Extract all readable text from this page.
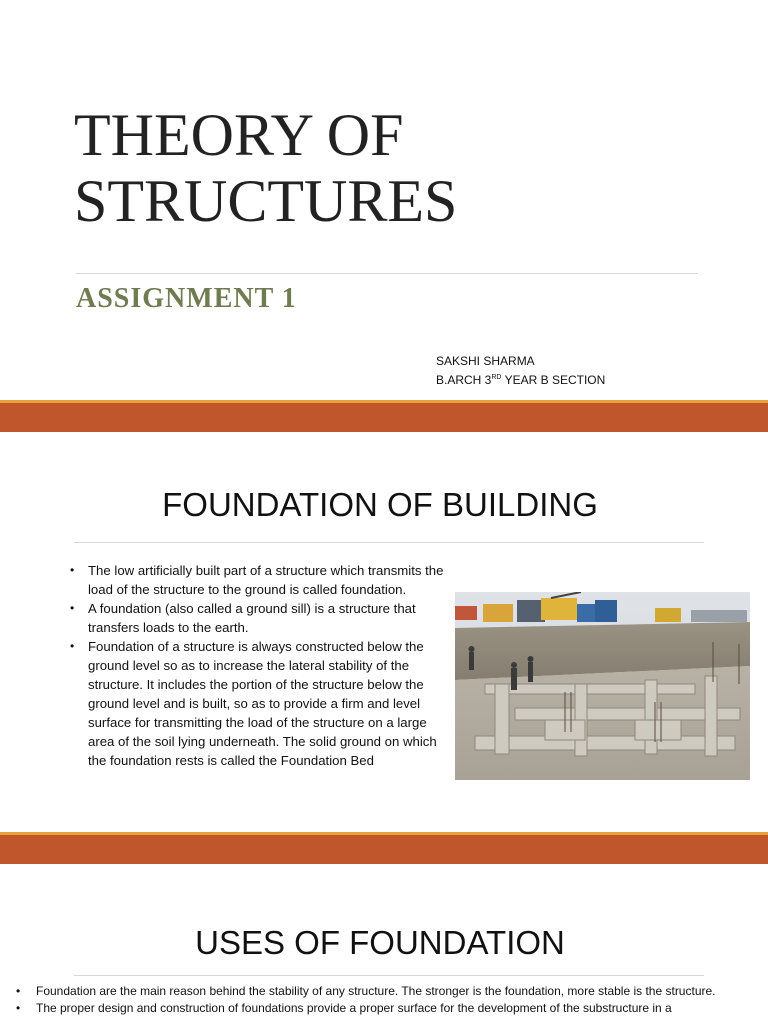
THEORY OF
STRUCTURES
ASSIGNMENT 1
SAKSHI SHARMA
B.ARCH 3RD YEAR B SECTION
FOUNDATION OF BUILDING
• The low artificially built part of a structure which transmits the load of the structure to the ground is called foundation.
• A foundation (also called a ground sill) is a structure that transfers loads to the earth.
• Foundation of a structure is always constructed below the ground level so as to increase the lateral stability of the structure. It includes the portion of the structure below the ground level and is built, so as to provide a firm and level surface for transmitting the load of the structure on a large area of the soil lying underneath. The solid ground on which the foundation rests is called the Foundation Bed
USES OF FOUNDATION
• Foundation are the main reason behind the stability of any structure. The stronger is the foundation, more stable is the structure.
• The proper design and construction of foundations provide a proper surface for the development of the substructure in a
